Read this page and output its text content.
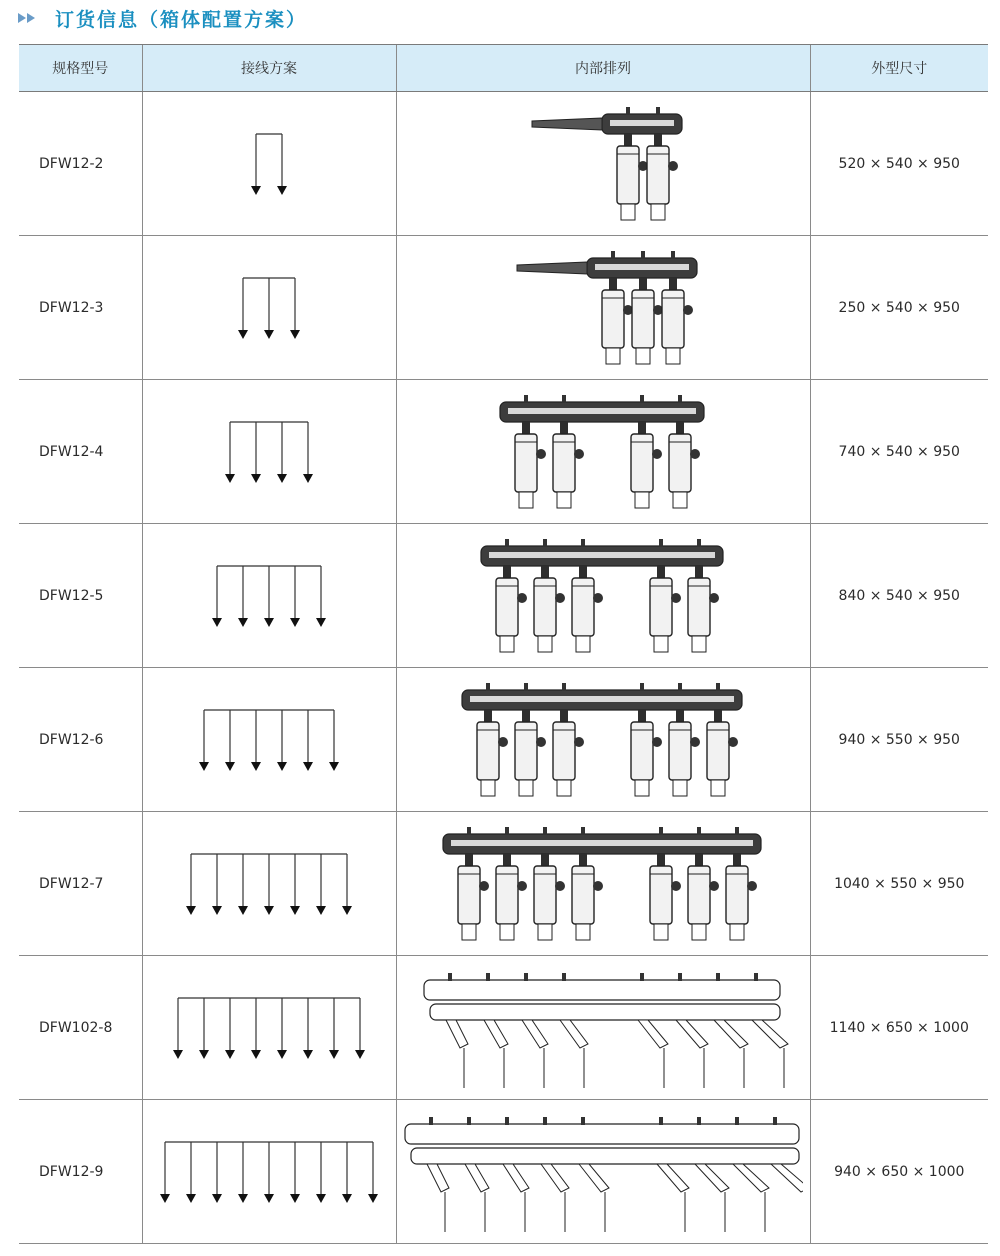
订货信息（箱体配置方案）
规格型号	接线方案	内部排列	外型尺寸
DFW12-2			520 × 540 × 950
DFW12-3			250 × 540 × 950
DFW12-4			740 × 540 × 950
DFW12-5			840 × 540 × 950
DFW12-6			940 × 550 × 950
DFW12-7			1040 × 550 × 950
DFW102-8			1140 × 650 × 1000
DFW12-9			940 × 650 × 1000
